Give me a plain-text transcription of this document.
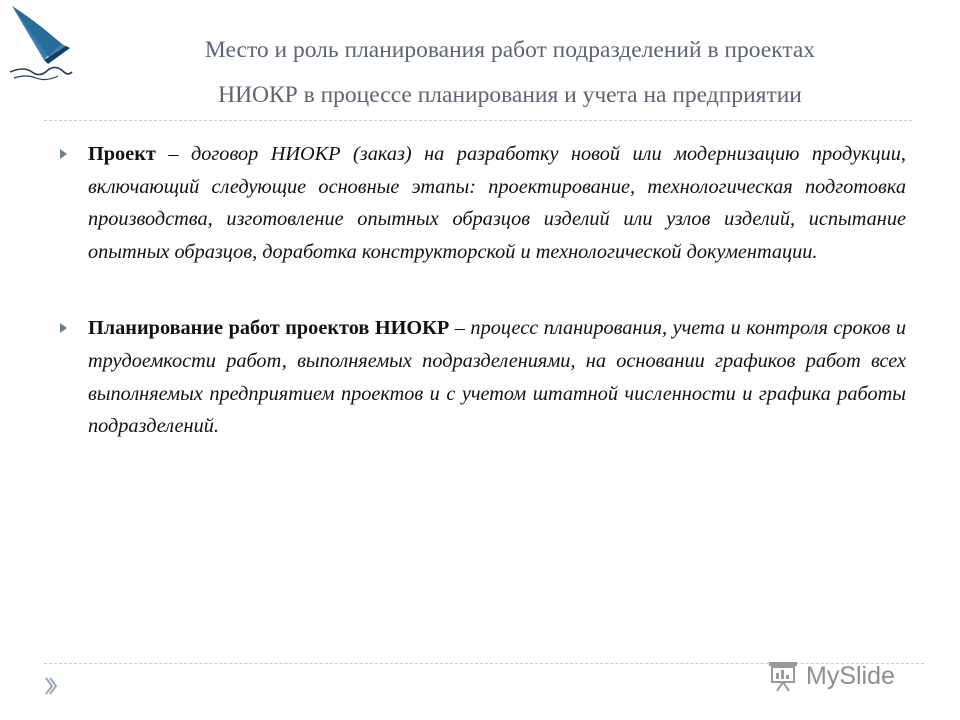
Место и роль планирования работ подразделений в проектах
НИОКР в процессе планирования и учета на предприятии
Проект – договор НИОКР (заказ) на разработку новой или модернизацию продукции, включающий следующие основные этапы: проектирование, технологическая подготовка производства, изготовление опытных образцов изделий или узлов изделий, испытание опытных образцов, доработка конструкторской и технологической документации.
Планирование работ проектов НИОКР – процесс планирования, учета и контроля сроков и трудоемкости работ, выполняемых подразделениями, на основании графиков работ всех выполняемых предприятием проектов и с учетом штатной численности и графика работы подразделений.
MySlide
